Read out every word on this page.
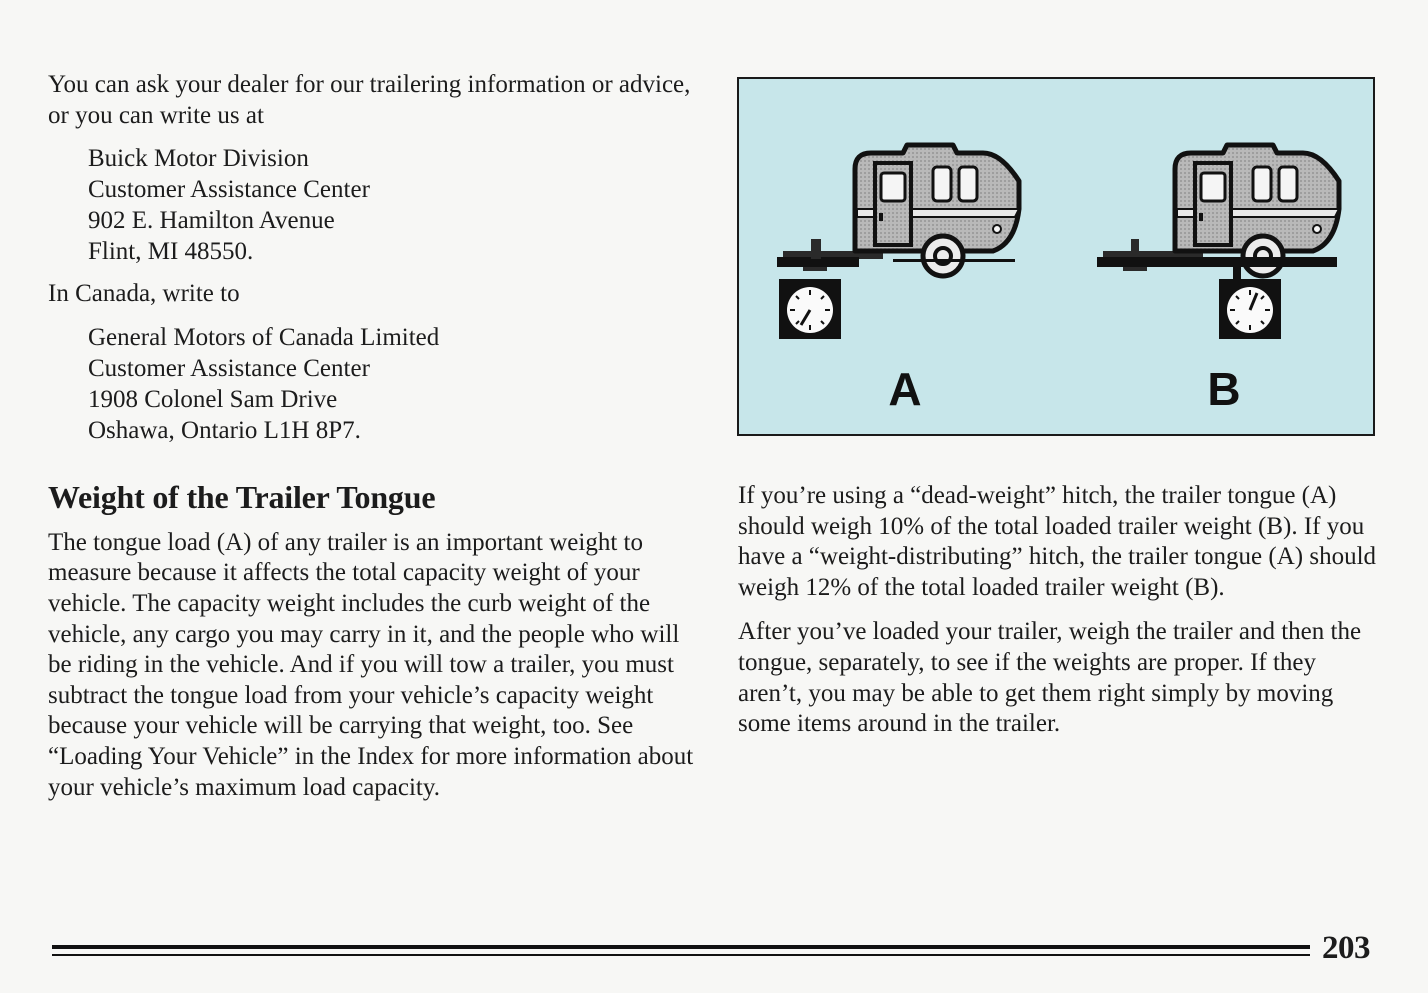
You can ask your dealer for our trailering information or advice, or you can write us at

Buick Motor Division
Customer Assistance Center
902 E. Hamilton Avenue
Flint, MI 48550.

In Canada, write to

General Motors of Canada Limited
Customer Assistance Center
1908 Colonel Sam Drive
Oshawa, Ontario L1H 8P7.
Weight of the Trailer Tongue

The tongue load (A) of any trailer is an important weight to measure because it affects the total capacity weight of your vehicle. The capacity weight includes the curb weight of the vehicle, any cargo you may carry in it, and the people who will be riding in the vehicle. And if you will tow a trailer, you must subtract the tongue load from your vehicle’s capacity weight because your vehicle will be carrying that weight, too. See “Loading Your Vehicle” in the Index for more information about your vehicle’s maximum load capacity.

A	B

If you’re using a “dead-weight” hitch, the trailer tongue (A) should weigh 10% of the total loaded trailer weight (B). If you have a “weight-distributing” hitch, the trailer tongue (A) should weigh 12% of the total loaded trailer weight (B).

After you’ve loaded your trailer, weigh the trailer and then the tongue, separately, to see if the weights are proper. If they aren’t, you may be able to get them right simply by moving some items around in the trailer.

203
